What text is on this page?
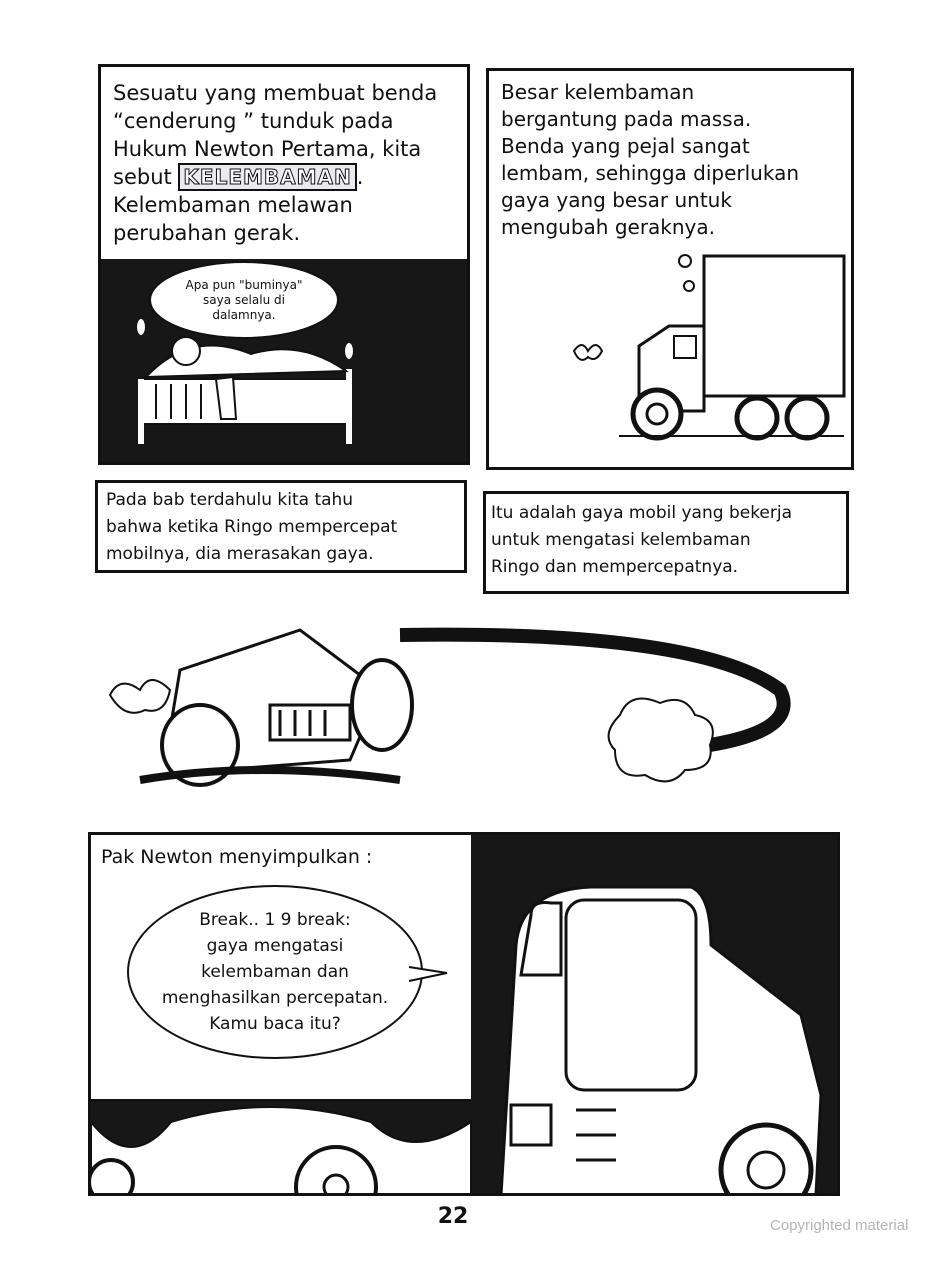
Sesuatu yang membuat benda
“cenderung ” tunduk pada
Hukum Newton Pertama, kita
sebut KELEMBAMAN .
Kelembaman melawan
perubahan gerak.
Apa pun "buminya"
saya selalu di
dalamnya.
Besar kelembaman
bergantung pada massa.
Benda yang pejal sangat
lembam, sehingga diperlukan
gaya yang besar untuk
mengubah geraknya.
Pada bab terdahulu kita tahu
bahwa ketika Ringo mempercepat
mobilnya, dia merasakan gaya.
Itu adalah gaya mobil yang bekerja
untuk mengatasi kelembaman
Ringo dan mempercepatnya.
Pak Newton menyimpulkan :
Break.. 1 9 break:
gaya mengatasi
kelembaman dan
menghasilkan percepatan.
Kamu baca itu?
22	Copyrighted material
